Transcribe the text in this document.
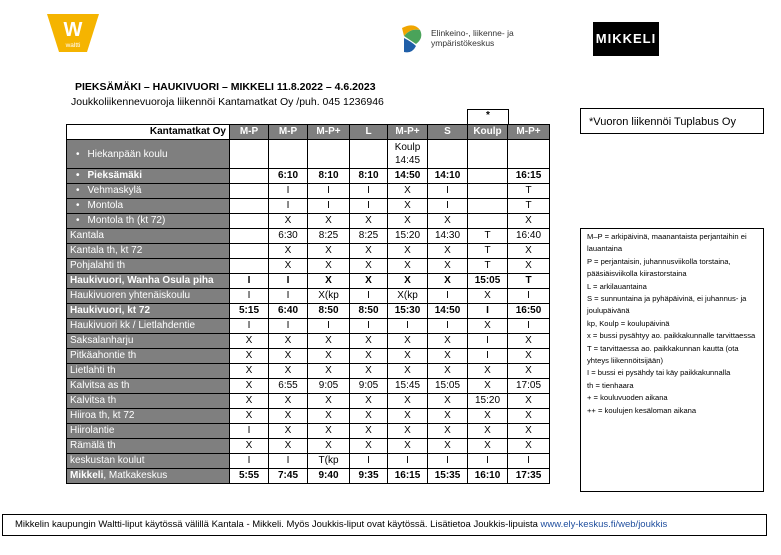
W
waltti
Elinkeino-, liikenne- ja
ympäristökeskus	MIKKELI
PIEKSÄMÄKI – HAUKIVUORI – MIKKELI 11.8.2022 – 4.6.2023
Joukkoliikennevuoroja liikennöi Kantamatkat Oy /puh. 045 1236946
*
*Vuoron liikennöi Tuplabus Oy
Kantamatkat Oy	M-P	M-P	M-P+	L	M-P+	S	Koulp	M-P+
• Hiekanpään koulu					Koulp 14:45			
• Pieksämäki		6:10	8:10	8:10	14:50	14:10		16:15
• Vehmaskylä		I	I	I	X	I		T
• Montola		I	I	I	X	I		T
• Montola th (kt 72)		X	X	X	X	X		X
Kantala		6:30	8:25	8:25	15:20	14:30	T	16:40
Kantala th, kt 72		X	X	X	X	X	T	X
Pohjalahti th		X	X	X	X	X	T	X
Haukivuori, Wanha Osula piha	I	I	X	X	X	X	15:05	T
Haukivuoren yhtenäiskoulu	I	I	X(kp	I	X(kp	I	X	I
Haukivuori, kt 72	5:15	6:40	8:50	8:50	15:30	14:50	I	16:50
Haukivuori kk / Lietlahdentie	I	I	I	I	I	I	X	I
Saksalanharju	X	X	X	X	X	X	I	X
Pitkäahontie th	X	X	X	X	X	X	I	X
Lietlahti th	X	X	X	X	X	X	X	X
Kalvitsa as th	X	6:55	9:05	9:05	15:45	15:05	X	17:05
Kalvitsa th	X	X	X	X	X	X	15:20	X
Hiiroa th, kt 72	X	X	X	X	X	X	X	X
Hiirolantie	I	X	X	X	X	X	X	X
Rämälä th	X	X	X	X	X	X	X	X
keskustan koulut	I	I	T(kp	I	I	I	I	I
Mikkeli, Matkakeskus	5:55	7:45	9:40	9:35	16:15	15:35	16:10	17:35
M–P = arkipäivinä, maanantaista perjantaihin ei lauantaina
P = perjantaisin, juhannusviikolla torstaina, pääsiäisviikolla kiirastorstaina
L = arkilauantaina
S = sunnuntaina ja pyhäpäivinä, ei juhannus- ja joulupäivänä
kp, Koulp = koulupäivinä
x = bussi pysähtyy ao. paikkakunnalle tarvittaessa
T = tarvittaessa ao. paikkakunnan kautta (ota yhteys liikennöitsijään)
I = bussi ei pysähdy tai käy paikkakunnalla
th = tienhaara
+ = kouluvuoden aikana
++ = koulujen kesäloman aikana
Mikkelin kaupungin Waltti-liput käytössä välillä Kantala - Mikkeli. Myös Joukkis-liput ovat käytössä. Lisätietoa Joukkis-lipuista www.ely-keskus.fi/web/joukkis
